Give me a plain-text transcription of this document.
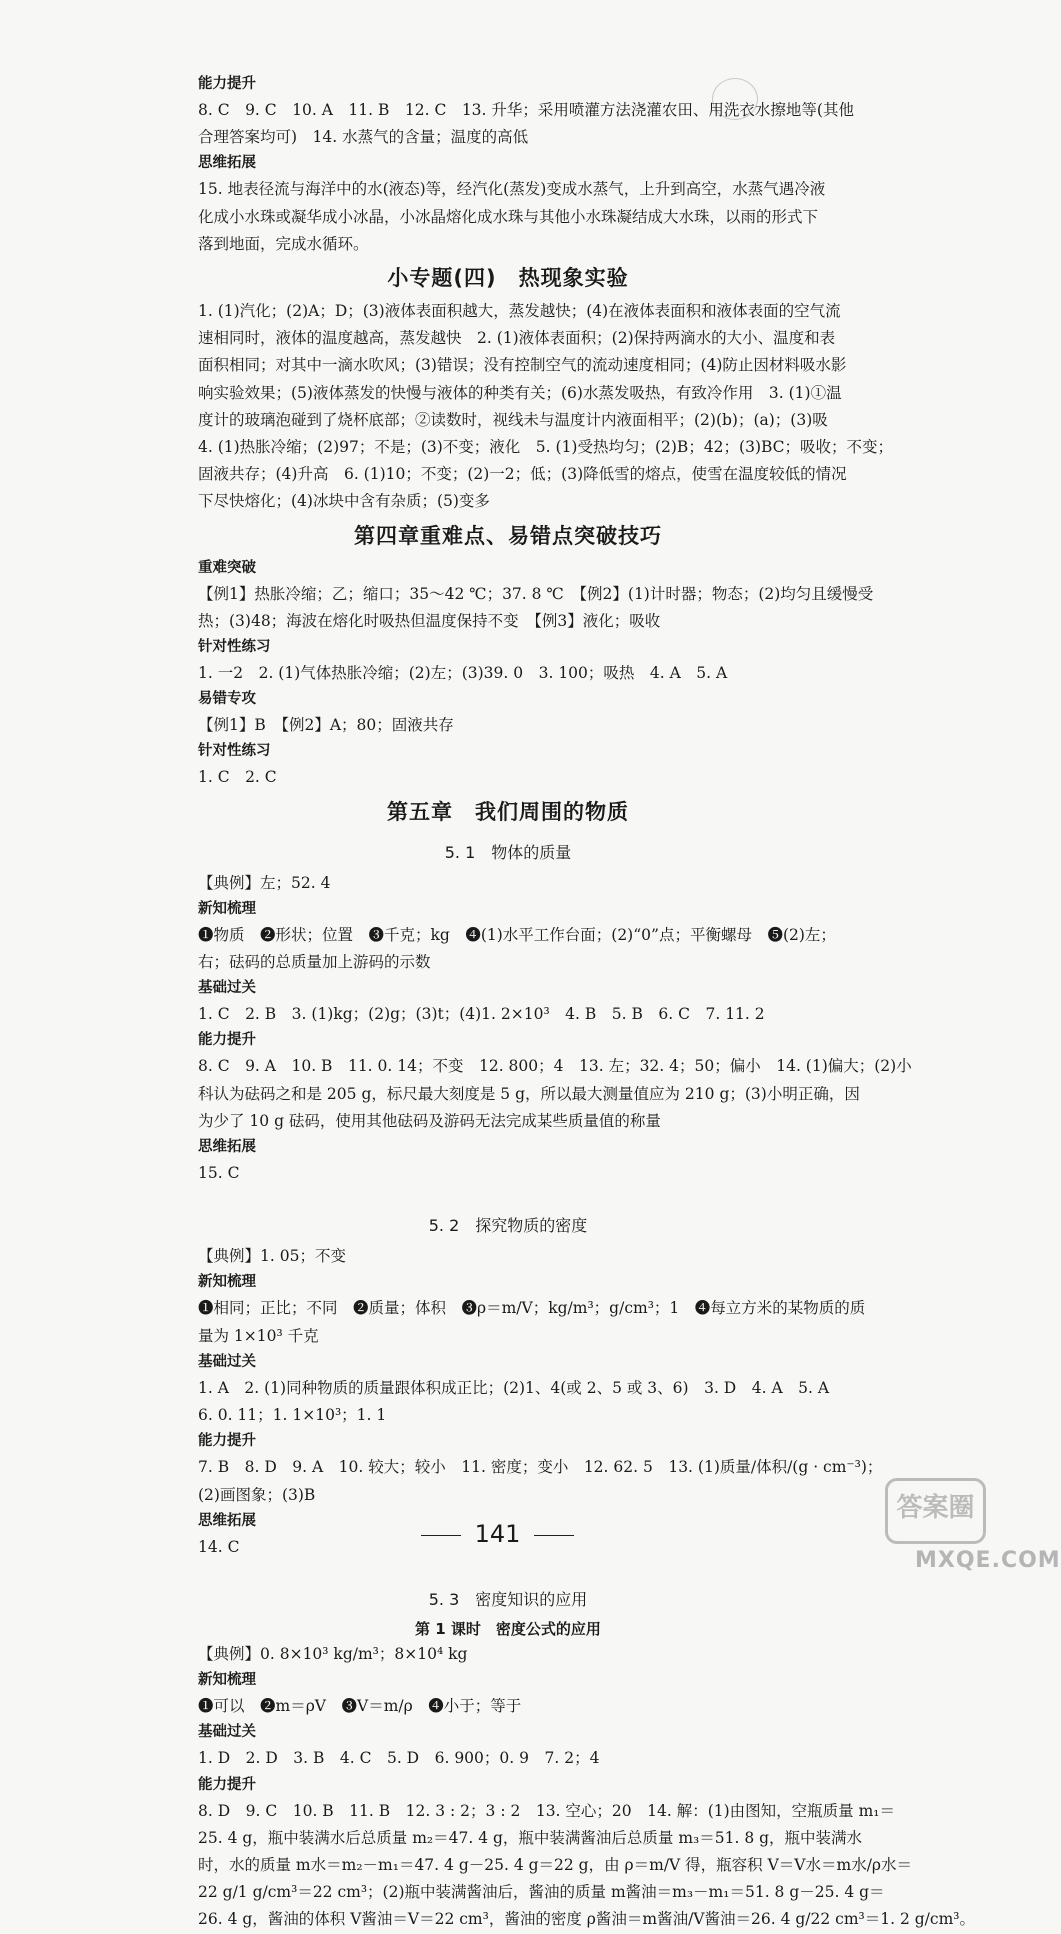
能力提升
8. C　9. C　10. A　11. B　12. C　13. 升华；采用喷灌方法浇灌农田、用洗衣水擦地等(其他
合理答案均可)　14. 水蒸气的含量；温度的高低
思维拓展
15. 地表径流与海洋中的水(液态)等，经汽化(蒸发)变成水蒸气，上升到高空，水蒸气遇冷液
化成小水珠或凝华成小冰晶，小冰晶熔化成水珠与其他小水珠凝结成大水珠，以雨的形式下
落到地面，完成水循环。
小专题(四)　热现象实验
1. (1)汽化；(2)A；D；(3)液体表面积越大，蒸发越快；(4)在液体表面积和液体表面的空气流
速相同时，液体的温度越高，蒸发越快　2. (1)液体表面积；(2)保持两滴水的大小、温度和表
面积相同；对其中一滴水吹风；(3)错误；没有控制空气的流动速度相同；(4)防止因材料吸水影
响实验效果；(5)液体蒸发的快慢与液体的种类有关；(6)水蒸发吸热，有致冷作用　3. (1)①温
度计的玻璃泡碰到了烧杯底部；②读数时，视线未与温度计内液面相平；(2)(b)；(a)；(3)吸
4. (1)热胀冷缩；(2)97；不是；(3)不变；液化　5. (1)受热均匀；(2)B；42；(3)BC；吸收；不变；
固液共存；(4)升高　6. (1)10；不变；(2)一2；低；(3)降低雪的熔点，使雪在温度较低的情况
下尽快熔化；(4)冰块中含有杂质；(5)变多
第四章重难点、易错点突破技巧
重难突破
【例1】热胀冷缩；乙；缩口；35～42 ℃；37. 8 ℃　【例2】(1)计时器；物态；(2)均匀且缓慢受
热；(3)48；海波在熔化时吸热但温度保持不变　【例3】液化；吸收
针对性练习
1. 一2　2. (1)气体热胀冷缩；(2)左；(3)39. 0　3. 100；吸热　4. A　5. A
易错专攻
【例1】B　【例2】A；80；固液共存
针对性练习
1. C　2. C
第五章　我们周围的物质
5. 1　物体的质量
【典例】左；52. 4
新知梳理
❶物质　❷形状；位置　❸千克；kg　❹(1)水平工作台面；(2)“0”点；平衡螺母　❺(2)左；
右；砝码的总质量加上游码的示数
基础过关
1. C　2. B　3. (1)kg；(2)g；(3)t；(4)1. 2×10³　4. B　5. B　6. C　7. 11. 2
能力提升
8. C　9. A　10. B　11. 0. 14；不变　12. 800；4　13. 左；32. 4；50；偏小　14. (1)偏大；(2)小
科认为砝码之和是 205 g，标尺最大刻度是 5 g，所以最大测量值应为 210 g；(3)小明正确，因
为少了 10 g 砝码，使用其他砝码及游码无法完成某些质量值的称量
思维拓展
15. C
5. 2　探究物质的密度
【典例】1. 05；不变
新知梳理
❶相同；正比；不同　❷质量；体积　❸ρ＝m/V；kg/m³；g/cm³；1　❹每立方米的某物质的质
量为 1×10³ 千克
基础过关
1. A　2. (1)同种物质的质量跟体积成正比；(2)1、4(或 2、5 或 3、6)　3. D　4. A　5. A
6. 0. 11；1. 1×10³；1. 1
能力提升
7. B　8. D　9. A　10. 较大；较小　11. 密度；变小　12. 62. 5　13. (1)质量/体积/(g · cm⁻³)；
(2)画图象；(3)B
思维拓展
14. C
5. 3　密度知识的应用
第 1 课时　密度公式的应用
【典例】0. 8×10³ kg/m³；8×10⁴ kg
新知梳理
❶可以　❷m＝ρV　❸V＝m/ρ　❹小于；等于
基础过关
1. D　2. D　3. B　4. C　5. D　6. 900；0. 9　7. 2；4
能力提升
8. D　9. C　10. B　11. B　12. 3 : 2；3 : 2　13. 空心；20　14. 解：(1)由图知，空瓶质量 m₁＝
25. 4 g，瓶中装满水后总质量 m₂＝47. 4 g，瓶中装满酱油后总质量 m₃＝51. 8 g，瓶中装满水
时，水的质量 m水＝m₂－m₁＝47. 4 g－25. 4 g＝22 g，由 ρ＝m/V 得，瓶容积 V＝V水＝m水/ρ水＝
22 g/1 g/cm³＝22 cm³；(2)瓶中装满酱油后，酱油的质量 m酱油＝m₃－m₁＝51. 8 g－25. 4 g＝
26. 4 g，酱油的体积 V酱油＝V＝22 cm³，酱油的密度 ρ酱油＝m酱油/V酱油＝26. 4 g/22 cm³＝1. 2 g/cm³。
141
答案圈
MXQE.COM
